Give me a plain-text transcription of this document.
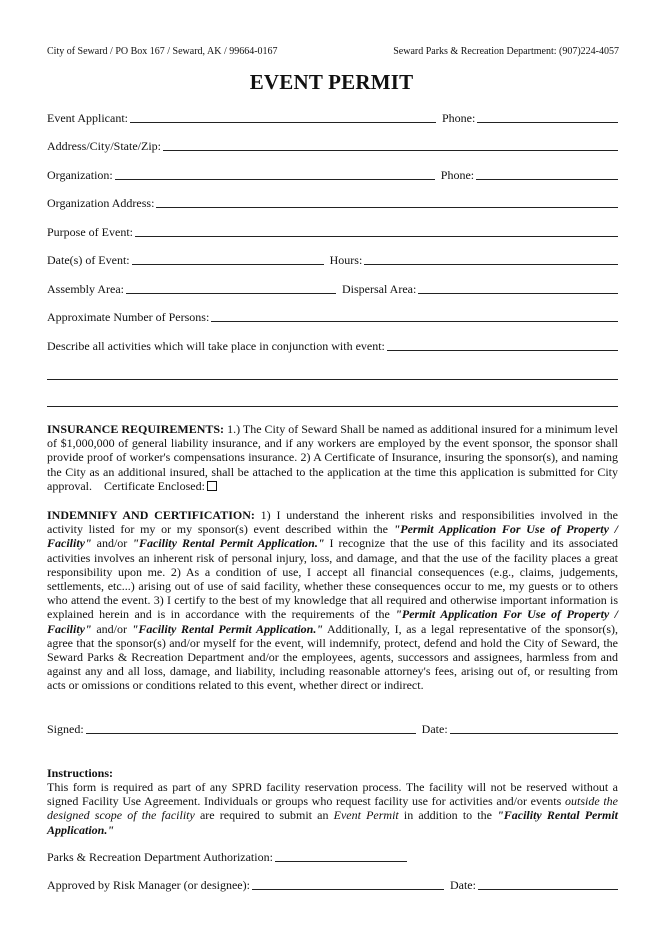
City of Seward / PO Box 167 / Seward, AK / 99664-0167	Seward Parks & Recreation Department: (907)224-4057
EVENT PERMIT
Event Applicant:	Phone:
Address/City/State/Zip:
Organization:	Phone:
Organization Address:
Purpose of Event:
Date(s) of Event:	Hours:
Assembly Area:	Dispersal Area:
Approximate Number of Persons:
Describe all activities which will take place in conjunction with event:
INSURANCE REQUIREMENTS: 1.) The City of Seward Shall be named as additional insured for a minimum level of $1,000,000 of general liability insurance, and if any workers are employed by the event sponsor, the sponsor shall provide proof of worker's compensations insurance. 2) A Certificate of Insurance, insuring the sponsor(s), and naming the City as an additional insured, shall be attached to the application at the time this application is submitted for City approval. Certificate Enclosed:
INDEMNIFY AND CERTIFICATION: 1) I understand the inherent risks and responsibilities involved in the activity listed for my or my sponsor(s) event described within the "Permit Application For Use of Property / Facility" and/or "Facility Rental Permit Application." I recognize that the use of this facility and its associated activities involves an inherent risk of personal injury, loss, and damage, and that the use of the facility places a great responsibility upon me. 2) As a condition of use, I accept all financial consequences (e.g., claims, judgements, settlements, etc...) arising out of use of said facility, whether these consequences occur to me, my guests or to others who attend the event. 3) I certify to the best of my knowledge that all required and otherwise important information is explained herein and is in accordance with the requirements of the "Permit Application For Use of Property / Facility" and/or "Facility Rental Permit Application." Additionally, I, as a legal representative of the sponsor(s), agree that the sponsor(s) and/or myself for the event, will indemnify, protect, defend and hold the City of Seward, the Seward Parks & Recreation Department and/or the employees, agents, successors and assignees, harmless from and against any and all loss, damage, and liability, including reasonable attorney's fees, arising out of, or resulting from acts or omissions or conditions related to this event, whether direct or indirect.
Signed:	Date:
Instructions:
This form is required as part of any SPRD facility reservation process. The facility will not be reserved without a signed Facility Use Agreement. Individuals or groups who request facility use for activities and/or events outside the designed scope of the facility are required to submit an Event Permit in addition to the "Facility Rental Permit Application."
Parks & Recreation Department Authorization:
Approved by Risk Manager (or designee):	Date:
